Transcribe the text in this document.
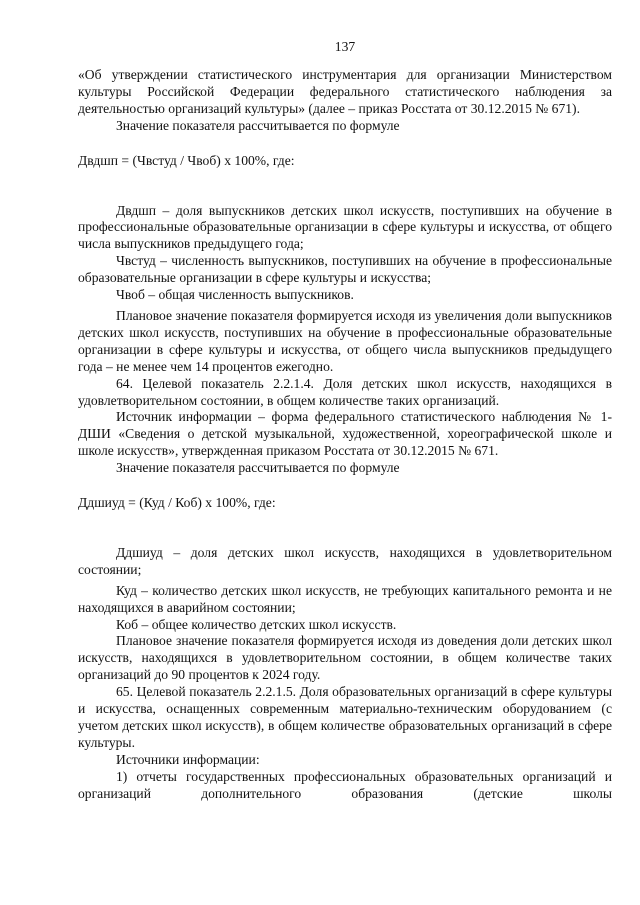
137

«Об утверждении статистического инструментария для организации Министерством культуры Российской Федерации федерального статистического наблюдения за деятельностью организаций культуры» (далее – приказ Росстата от 30.12.2015 № 671).

Значение показателя рассчитывается по формуле

Двдшп = (Чвстуд / Чвоб) х 100%, где:

Двдшп – доля выпускников детских школ искусств, поступивших на обучение в профессиональные образовательные организации в сфере культуры и искусства, от общего числа выпускников предыдущего года;

Чвстуд – численность выпускников, поступивших на обучение в профессиональные образовательные организации в сфере культуры и искусства;

Чвоб – общая численность выпускников.

Плановое значение показателя формируется исходя из увеличения доли выпускников детских школ искусств, поступивших на обучение в профессиональные образовательные организации в сфере культуры и искусства, от общего числа выпускников предыдущего года – не менее чем 14 процентов ежегодно.

64. Целевой показатель 2.2.1.4. Доля детских школ искусств, находящихся в удовлетворительном состоянии, в общем количестве таких организаций.

Источник информации – форма федерального статистического наблюдения № 1-ДШИ «Сведения о детской музыкальной, художественной, хореографической школе и школе искусств», утвержденная приказом Росстата от 30.12.2015 № 671.

Значение показателя рассчитывается по формуле

Ддшиуд = (Куд / Коб) х 100%, где:

Ддшиуд – доля детских школ искусств, находящихся в удовлетворительном состоянии;

Куд – количество детских школ искусств, не требующих капитального ремонта и не находящихся в аварийном состоянии;

Коб – общее количество детских школ искусств.

Плановое значение показателя формируется исходя из доведения доли детских школ искусств, находящихся в удовлетворительном состоянии, в общем количестве таких организаций до 90 процентов к 2024 году.

65. Целевой показатель 2.2.1.5. Доля образовательных организаций в сфере культуры и искусства, оснащенных современным материально-техническим оборудованием (с учетом детских школ искусств), в общем количестве образовательных организаций в сфере культуры.

Источники информации:

1) отчеты государственных профессиональных образовательных организаций и организаций дополнительного образования (детские школы
